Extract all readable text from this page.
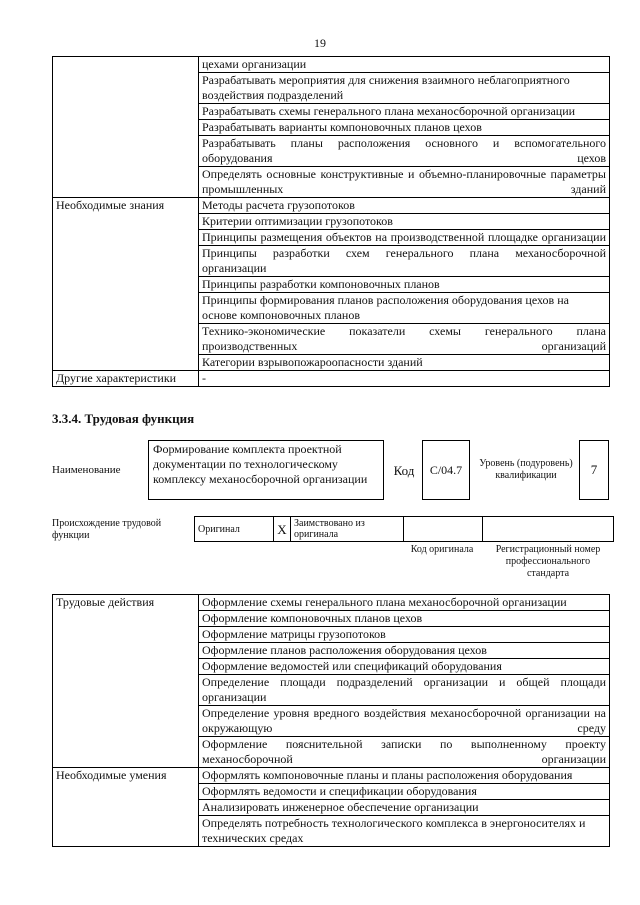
19
	цехами организации
	Разрабатывать мероприятия для снижения взаимного неблагоприятного воздействия подразделений
	Разрабатывать схемы генерального плана механосборочной организации
	Разрабатывать варианты компоновочных планов цехов
	Разрабатывать планы расположения основного и вспомогательного оборудования цехов
	Определять основные конструктивные и объемно-планировочные параметры промышленных зданий
Необходимые знания	Методы расчета грузопотоков
	Критерии оптимизации грузопотоков
	Принципы размещения объектов на производственной площадке организации
	Принципы разработки схем генерального плана механосборочной организации
	Принципы разработки компоновочных планов
	Принципы формирования планов расположения оборудования цехов на основе компоновочных планов
	Технико-экономические показатели схемы генерального плана производственных организаций
	Категории взрывопожароопасности зданий
Другие характеристики	-
3.3.4. Трудовая функция
Наименование
Формирование комплекта проектной документации по технологическому комплексу механосборочной организации
Код	C/04.7	Уровень (подуровень) квалификации	7
Происхождение трудовой функции
Оригинал	X	Заимствовано из оригинала		
Код оригинала	Регистрационный номер профессионального стандарта
Трудовые действия	Оформление схемы генерального плана механосборочной организации
	Оформление компоновочных планов цехов
	Оформление матрицы грузопотоков
	Оформление планов расположения оборудования цехов
	Оформление ведомостей или спецификаций оборудования
	Определение площади подразделений организации и общей площади организации
	Определение уровня вредного воздействия механосборочной организации на окружающую среду
	Оформление пояснительной записки по выполненному проекту механосборочной организации
Необходимые умения	Оформлять компоновочные планы и планы расположения оборудования
	Оформлять ведомости и спецификации оборудования
	Анализировать инженерное обеспечение организации
	Определять потребность технологического комплекса в энергоносителях и технических средах
